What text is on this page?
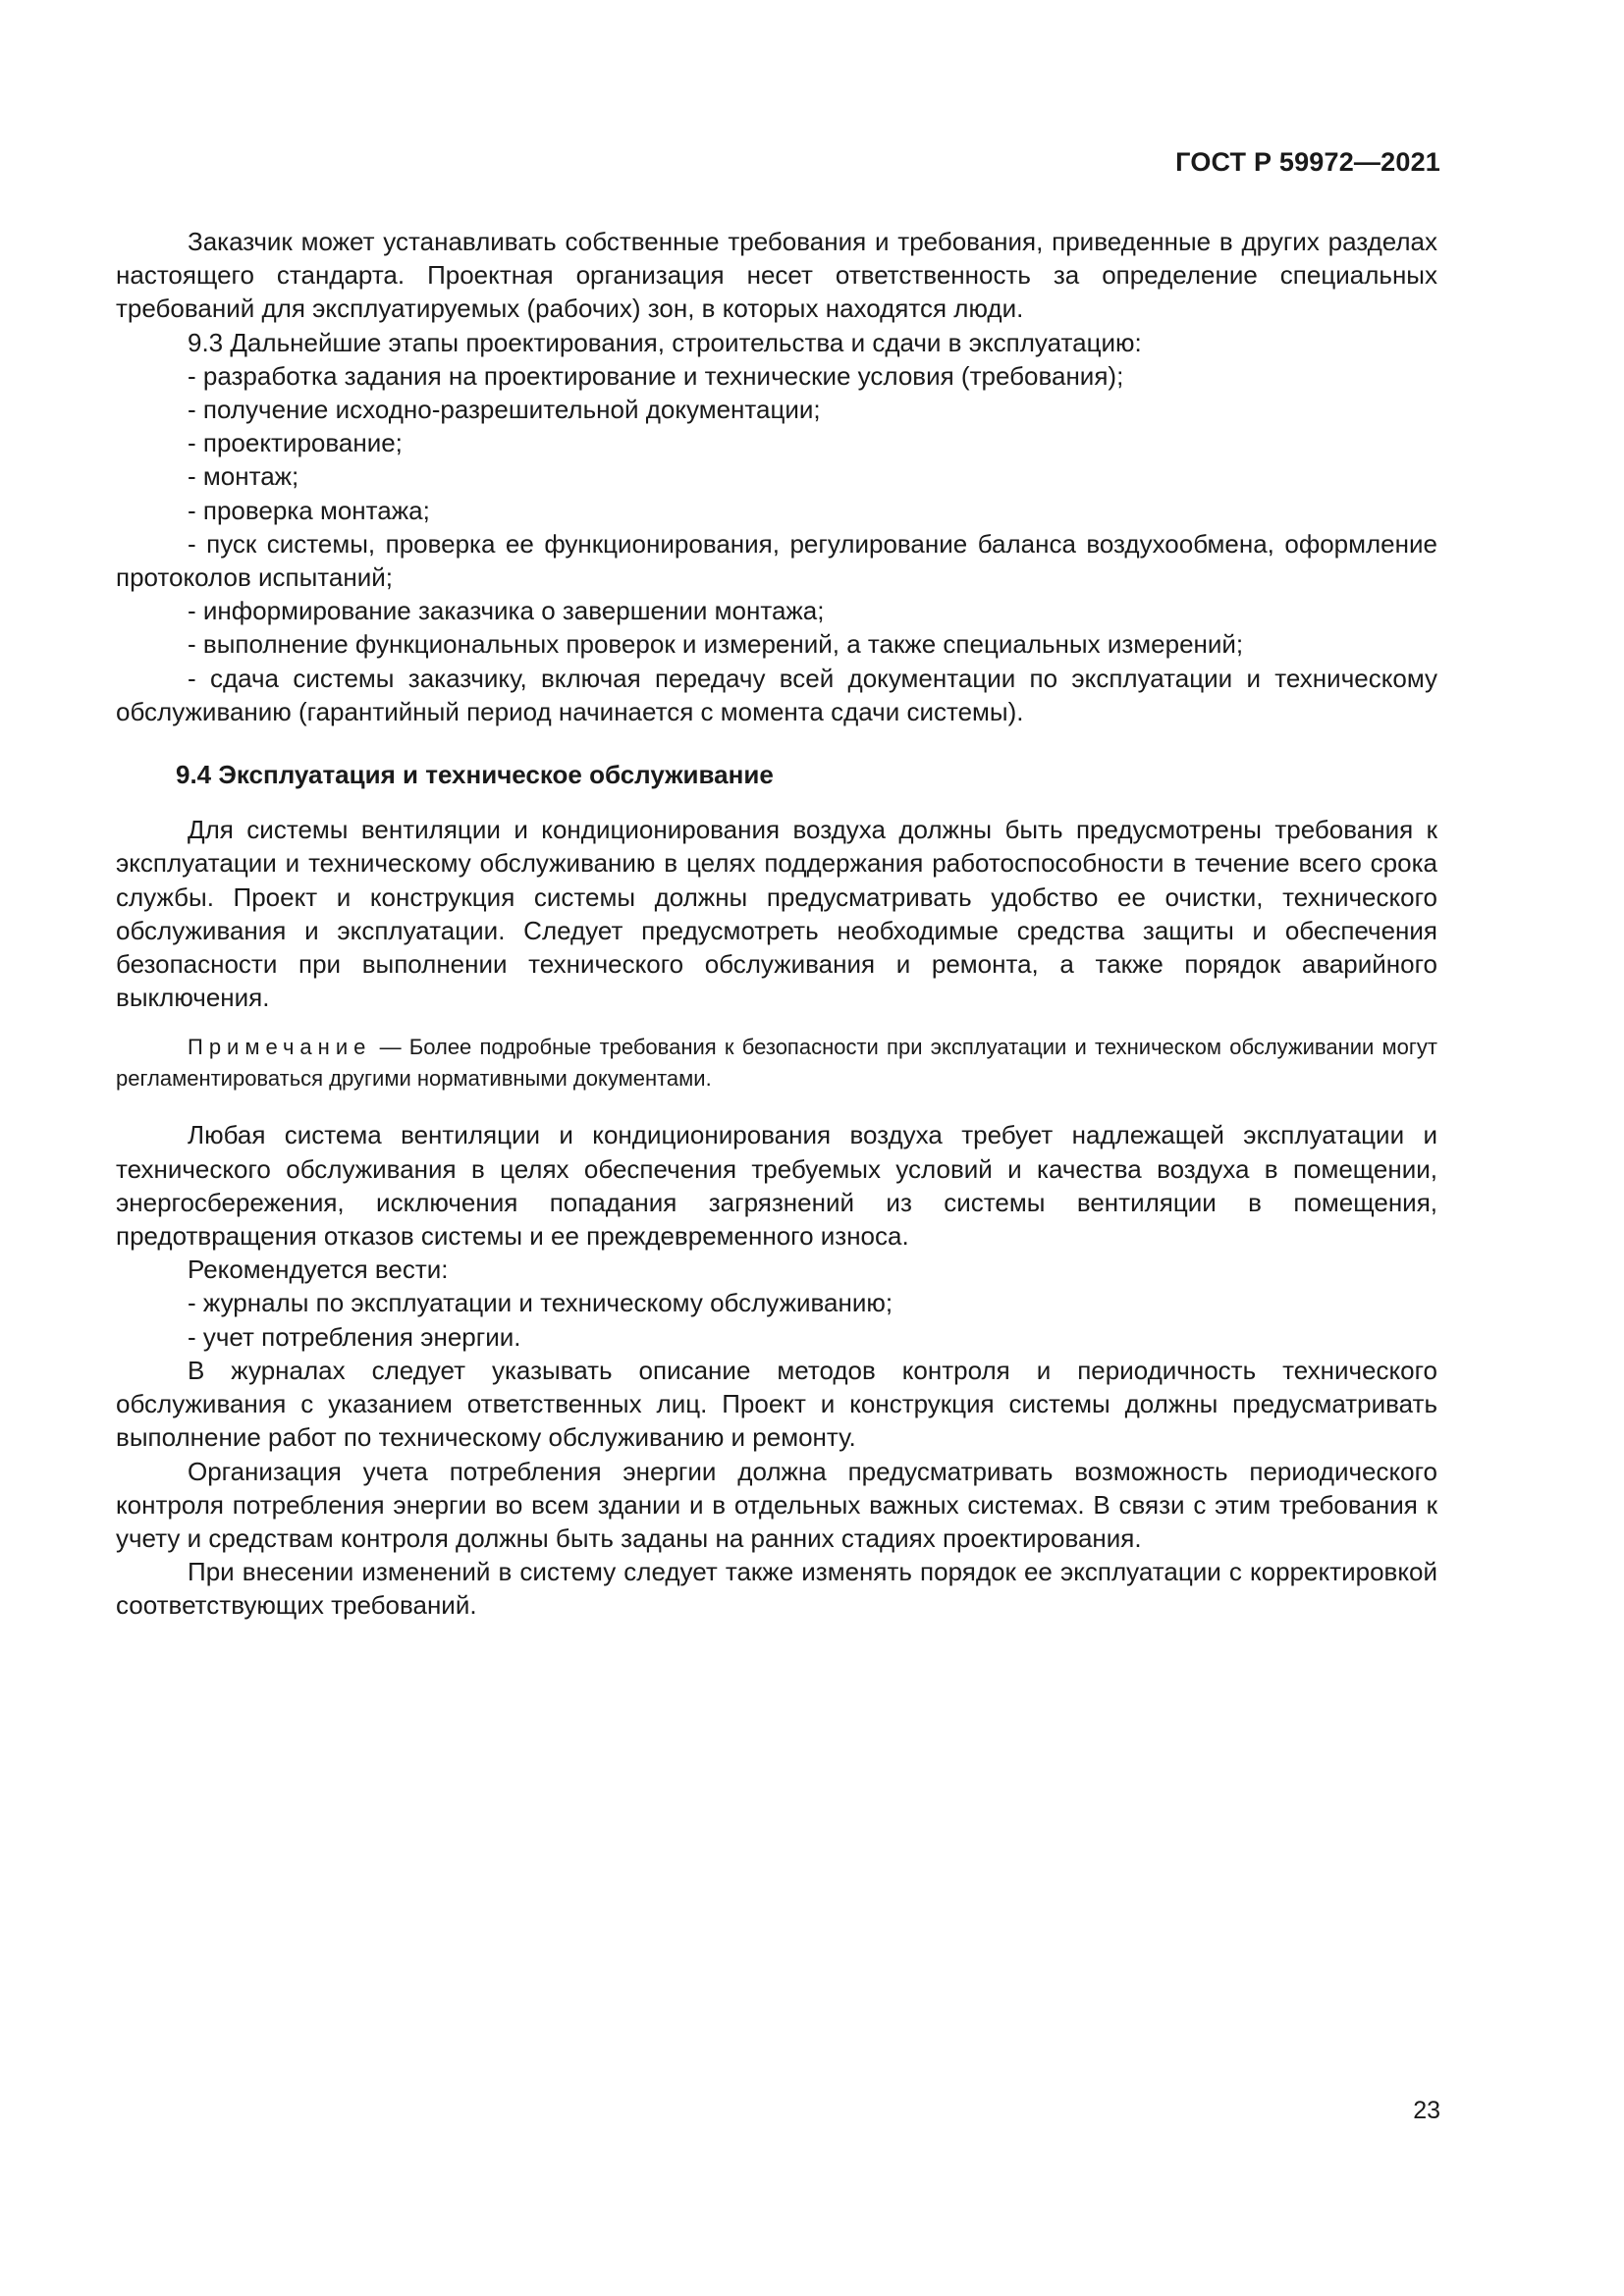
ГОСТ Р 59972—2021

Заказчик может устанавливать собственные требования и требования, приведенные в других разделах настоящего стандарта. Проектная организация несет ответственность за определение специальных требований для эксплуатируемых (рабочих) зон, в которых находятся люди.

9.3 Дальнейшие этапы проектирования, строительства и сдачи в эксплуатацию:

- разработка задания на проектирование и технические условия (требования);

- получение исходно-разрешительной документации;

- проектирование;

- монтаж;

- проверка монтажа;

- пуск системы, проверка ее функционирования, регулирование баланса воздухообмена, оформление протоколов испытаний;

- информирование заказчика о завершении монтажа;

- выполнение функциональных проверок и измерений, а также специальных измерений;

- сдача системы заказчику, включая передачу всей документации по эксплуатации и техническому обслуживанию (гарантийный период начинается с момента сдачи системы).

9.4 Эксплуатация и техническое обслуживание

Для системы вентиляции и кондиционирования воздуха должны быть предусмотрены требования к эксплуатации и техническому обслуживанию в целях поддержания работоспособности в течение всего срока службы. Проект и конструкция системы должны предусматривать удобство ее очистки, технического обслуживания и эксплуатации. Следует предусмотреть необходимые средства защиты и обеспечения безопасности при выполнении технического обслуживания и ремонта, а также порядок аварийного выключения.

Примечание — Более подробные требования к безопасности при эксплуатации и техническом обслуживании могут регламентироваться другими нормативными документами.

Любая система вентиляции и кондиционирования воздуха требует надлежащей эксплуатации и технического обслуживания в целях обеспечения требуемых условий и качества воздуха в помещении, энергосбережения, исключения попадания загрязнений из системы вентиляции в помещения, предотвращения отказов системы и ее преждевременного износа.

Рекомендуется вести:

- журналы по эксплуатации и техническому обслуживанию;

- учет потребления энергии.

В журналах следует указывать описание методов контроля и периодичность технического обслуживания с указанием ответственных лиц. Проект и конструкция системы должны предусматривать выполнение работ по техническому обслуживанию и ремонту.

Организация учета потребления энергии должна предусматривать возможность периодического контроля потребления энергии во всем здании и в отдельных важных системах. В связи с этим требования к учету и средствам контроля должны быть заданы на ранних стадиях проектирования.

При внесении изменений в систему следует также изменять порядок ее эксплуатации с корректировкой соответствующих требований.

23
